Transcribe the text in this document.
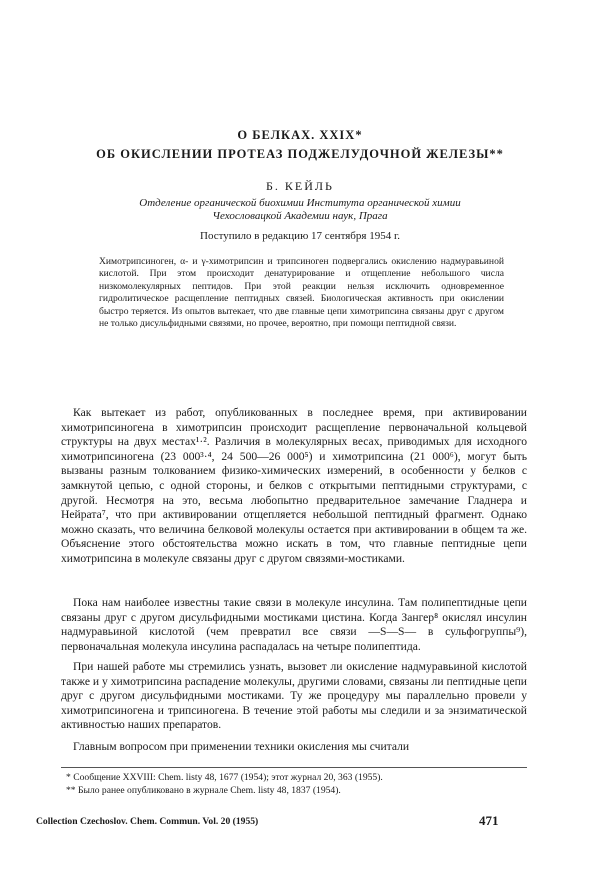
О БЕЛКАХ. XXIX*
ОБ ОКИСЛЕНИИ ПРОТЕАЗ ПОДЖЕЛУДОЧНОЙ ЖЕЛЕЗЫ**
Б. КЕЙЛЬ
Отделение органической биохимии Института органической химии
Чехословацкой Академии наук, Прага
Поступило в редакцию 17 сентября 1954 г.

Химотрипсиноген, α- и γ-химотрипсин и трипсиноген подвергались окислению надмуравьиной кислотой. При этом происходит денатурирование и отщепление небольшого числа низкомолекулярных пептидов. При этой реакции нельзя исключить одновременное гидролитическое расщепление пептидных связей. Биологическая активность при окислении быстро теряется. Из опытов вытекает, что две главные цепи химотрипсина связаны друг с другом не только дисульфидными связями, но прочее, вероятно, при помощи пептидной связи.

Как вытекает из работ, опубликованных в последнее время, при активировании химотрипсиногена в химотрипсин происходит расщепление первоначальной кольцевой структуры на двух местах¹·². Различия в молекулярных весах, приводимых для исходного химотрипсиногена (23 000³·⁴, 24 500—26 000⁵) и химотрипсина (21 000⁶), могут быть вызваны разным толкованием физико-химических измерений, в особенности у белков с замкнутой цепью, с одной стороны, и белков с открытыми пептидными структурами, с другой. Несмотря на это, весьма любопытно предварительное замечание Гладнера и Нейрата⁷, что при активировании отщепляется небольшой пептидный фрагмент. Однако можно сказать, что величина белковой молекулы остается при активировании в общем та же. Объяснение этого обстоятельства можно искать в том, что главные пептидные цепи химотрипсина в молекуле связаны друг с другом связями-мостиками.

Пока нам наиболее известны такие связи в молекуле инсулина. Там полипептидные цепи связаны друг с другом дисульфидными мостиками цистина. Когда Зангер⁸ окислял инсулин надмуравьиной кислотой (чем превратил все связи —S—S— в сульфогруппы⁹), первоначальная молекула инсулина распадалась на четыре полипептида.

При нашей работе мы стремились узнать, вызовет ли окисление надмуравьиной кислотой также и у химотрипсина распадение молекулы, другими словами, связаны ли пептидные цепи друг с другом дисульфидными мостиками. Ту же процедуру мы параллельно провели у химотрипсиногена и трипсиногена. В течение этой работы мы следили и за энзиматической активностью наших препаратов.

Главным вопросом при применении техники окисления мы считали

* Сообщение XXVIII: Chem. listy 48, 1677 (1954); этот журнал 20, 363 (1955).
** Было ранее опубликовано в журнале Chem. listy 48, 1837 (1954).
Collection Czechoslov. Chem. Commun. Vol. 20 (1955)	471
